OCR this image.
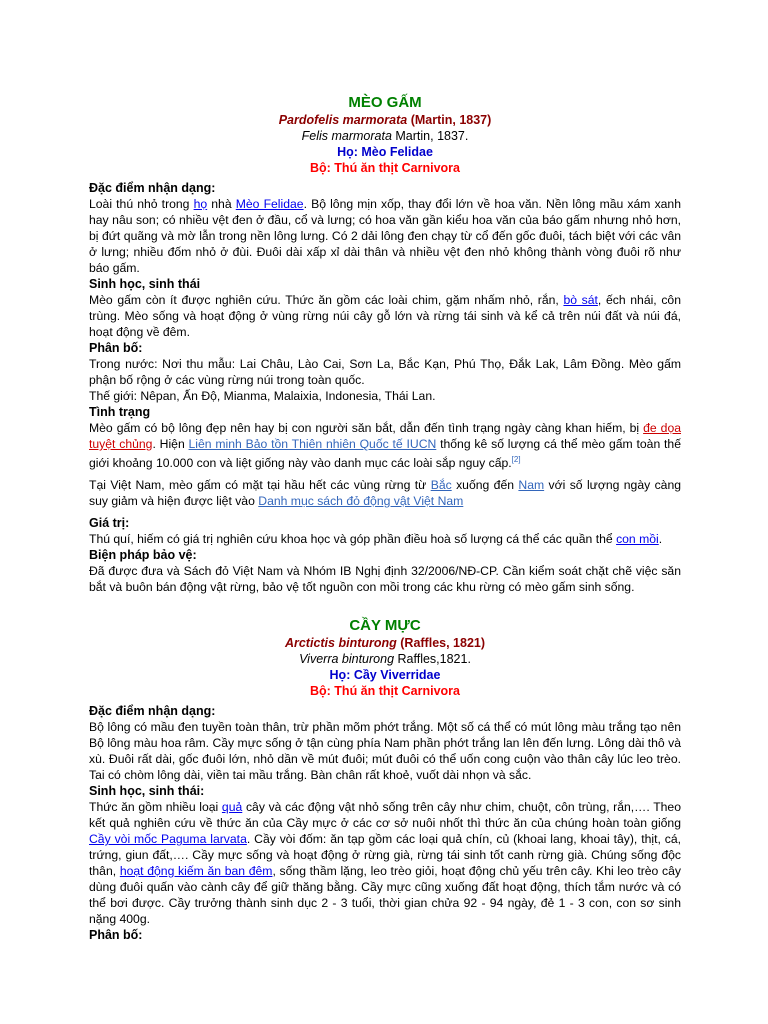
MÈO GẤM
Pardofelis marmorata (Martin, 1837)
Felis marmorata Martin, 1837.
Họ: Mèo Felidae
Bộ: Thú ăn thịt Carnivora
Đặc điểm nhận dạng:
Loài thú nhỏ trong họ nhà Mèo Felidae. Bộ lông mịn xốp, thay đổi lớn về hoa văn. Nền lông mầu xám xanh hay nâu son; có nhiều vệt đen ở đầu, cổ và lưng; có hoa văn gần kiểu hoa văn của báo gấm nhưng nhỏ hơn, bị đứt quãng và mờ lẫn trong nền lông lưng. Có 2 dải lông đen chạy từ cổ đến gốc đuôi, tách biệt với các vân ở lưng; nhiều đốm nhỏ ở đùi. Đuôi dài xấp xỉ dài thân và nhiều vệt đen nhỏ không thành vòng đuôi rõ như báo gấm.
Sinh học, sinh thái
Mèo gấm còn ít được nghiên cứu. Thức ăn gồm các loài chim, gặm nhấm nhỏ, rắn, bò sát, ếch nhái, côn trùng. Mèo sống và hoạt động ở vùng rừng núi cây gỗ lớn và rừng tái sinh và kể cả trên núi đất và núi đá, hoạt động về đêm.
Phân bố:
Trong nước: Nơi thu mẫu: Lai Châu, Lào Cai, Sơn La, Bắc Kạn, Phú Thọ, Đắk Lak, Lâm Đồng. Mèo gấm phận bố rộng ở các vùng rừng núi trong toàn quốc.
Thế giới: Nêpan, Ấn Độ, Mianma, Malaixia, Indonesia, Thái Lan.
Tình trạng
Mèo gấm có bộ lông đẹp nên hay bị con người săn bắt, dẫn đến tình trạng ngày càng khan hiếm, bị đe dọa tuyệt chủng. Hiện Liên minh Bảo tồn Thiên nhiên Quốc tế IUCN thống kê số lượng cá thể mèo gấm toàn thế giới khoảng 10.000 con và liệt giống này vào danh mục các loài sắp nguy cấp.[2]
Tại Việt Nam, mèo gấm có mặt tại hầu hết các vùng rừng từ Bắc xuống đến Nam với số lượng ngày càng suy giảm và hiện được liệt vào Danh mục sách đỏ động vật Việt Nam
Giá trị:
Thú quí, hiếm có giá trị nghiên cứu khoa học và góp phần điều hoà số lượng cá thể các quần thể con mồi.
Biện pháp bảo vệ:
Đã được đưa và Sách đỏ Việt Nam và Nhóm IB Nghị định 32/2006/NĐ-CP. Cần kiểm soát chặt chẽ việc săn bắt và buôn bán động vật rừng, bảo vệ tốt nguồn con mồi trong các khu rừng có mèo gấm sinh sống.
CẦY MỰC
Arctictis binturong (Raffles, 1821)
Viverra binturong Raffles,1821.
Họ: Cầy Viverridae
Bộ: Thú ăn thịt Carnivora
Đặc điểm nhận dạng:
Bộ lông có mầu đen tuyền toàn thân, trừ phần mõm phớt trắng. Một số cá thể có mút lông màu trắng tạo nên Bộ lông màu hoa râm. Cầy mực sống ở tận cùng phía Nam phần phớt trắng lan lên đến lưng. Lông dài thô và xù. Đuôi rất dài, gốc đuôi lớn, nhỏ dần về mút đuôi; mút đuôi có thể uốn cong cuộn vào thân cây lúc leo trèo. Tai có chòm lông dài, viền tai mầu trắng. Bàn chân rất khoẻ, vuốt dài nhọn và sắc.
Sinh học, sinh thái:
Thức ăn gồm nhiều loại quả cây và các động vật nhỏ sống trên cây như chim, chuột, côn trùng, rắn,…. Theo kết quả nghiên cứu về thức ăn của Cầy mực ở các cơ sở nuôi nhốt thì thức ăn của chúng hoàn toàn giống Cầy vòi mốc Paguma larvata. Cầy vòi đốm: ăn tạp gồm các loại quả chín, củ (khoai lang, khoai tây), thịt, cá, trứng, giun đất,…. Cầy mực sống và hoạt động ở rừng già, rừng tái sinh tốt canh rừng già. Chúng sống độc thân, hoạt động kiếm ăn ban đêm, sống thầm lặng, leo trèo giỏi, hoạt động chủ yếu trên cây. Khi leo trèo cây dùng đuôi quấn vào cành cây để giữ thăng bằng. Cầy mực cũng xuống đất hoạt động, thích tắm nước và có thể bơi được. Cầy trưởng thành sinh dục 2 - 3 tuổi, thời gian chửa 92 - 94 ngày, đẻ 1 - 3 con, con sơ sinh nặng 400g.
Phân bố:
